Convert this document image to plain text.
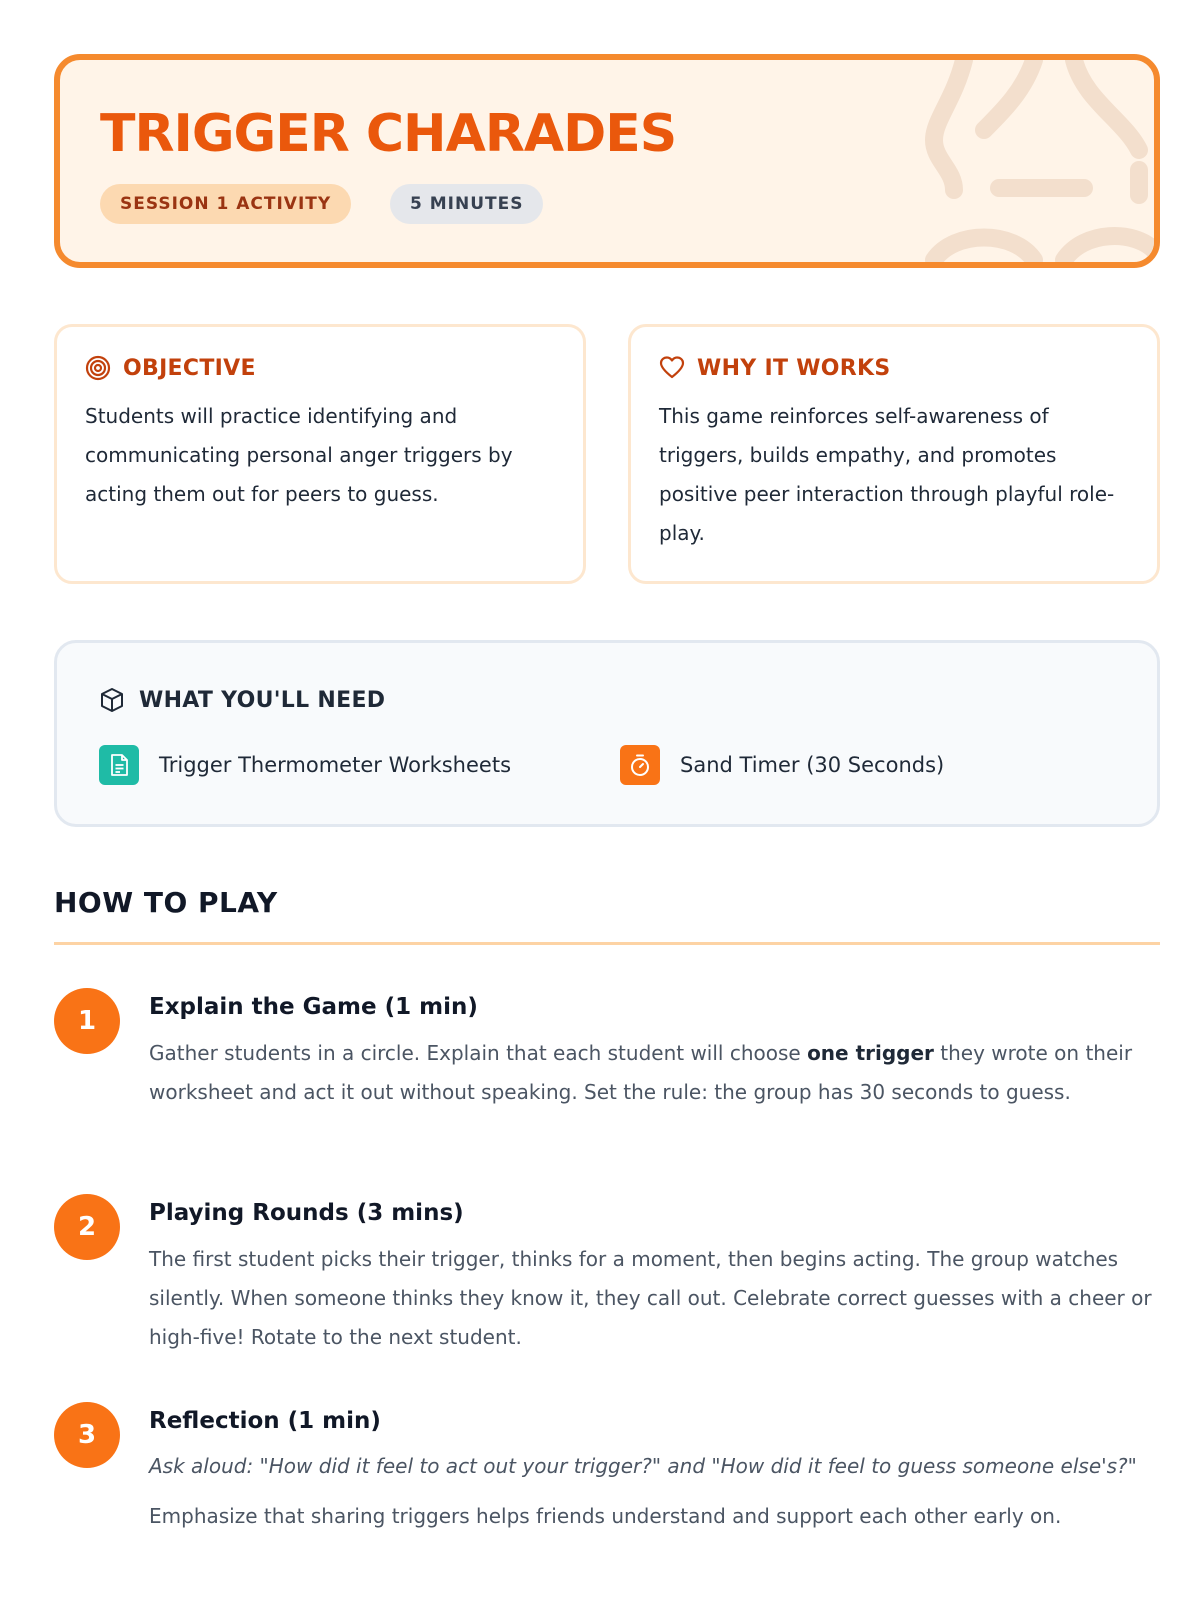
TRIGGER CHARADES
SESSION 1 ACTIVITY	5 MINUTES
OBJECTIVE

Students will practice identifying and communicating personal anger triggers by acting them out for peers to guess.

WHY IT WORKS

This game reinforces self-awareness of triggers, builds empathy, and promotes positive peer interaction through playful role-play.

WHAT YOU'LL NEED
Trigger Thermometer Worksheets	Sand Timer (30 Seconds)
HOW TO PLAY
1	Explain the Game (1 min)

Gather students in a circle. Explain that each student will choose one trigger they wrote on their worksheet and act it out without speaking. Set the rule: the group has 30 seconds to guess.

2	Playing Rounds (3 mins)

The first student picks their trigger, thinks for a moment, then begins acting. The group watches silently. When someone thinks they know it, they call out. Celebrate correct guesses with a cheer or high-five! Rotate to the next student.

3	Reflection (1 min)

Ask aloud: "How did it feel to act out your trigger?" and "How did it feel to guess someone else's?"

Emphasize that sharing triggers helps friends understand and support each other early on.
